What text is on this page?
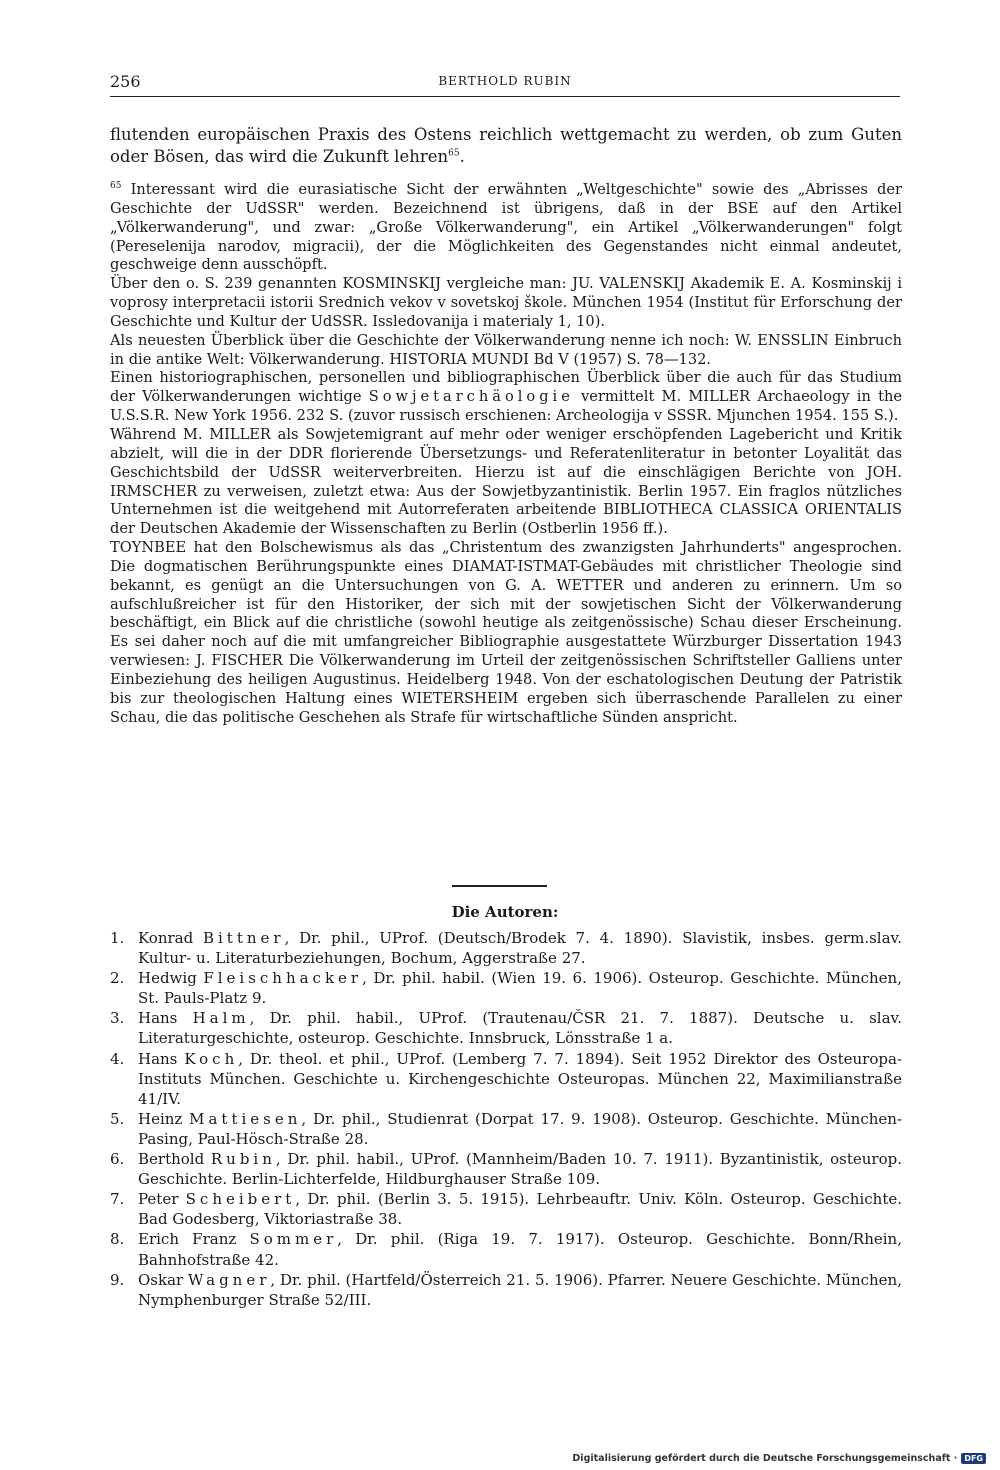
256	BERTHOLD RUBIN

flutenden europäischen Praxis des Ostens reichlich wettgemacht zu werden, ob zum Guten oder Bösen, das wird die Zukunft lehren$^{65}$.

$^{65}$ Interessant wird die eurasiatische Sicht der erwähnten „Weltgeschichte" sowie des „Abrisses der Geschichte der UdSSR" werden. Bezeichnend ist übrigens, daß in der BSE auf den Artikel „Völkerwanderung", und zwar: „Große Völkerwanderung", ein Artikel „Völkerwanderungen" folgt (Pereselenija narodov, migracii), der die Möglichkeiten des Gegenstandes nicht einmal andeutet, geschweige denn ausschöpft.

Über den o. S. 239 genannten KOSMINSKIJ vergleiche man: JU. VALENSKIJ Akademik E. A. Kosminskij i voprosy interpretacii istorii Srednich vekov v sovetskoj škole. München 1954 (Institut für Erforschung der Geschichte und Kultur der UdSSR. Issledovanija i materialy 1, 10).

Als neuesten Überblick über die Geschichte der Völkerwanderung nenne ich noch: W. ENSSLIN Einbruch in die antike Welt: Völkerwanderung. HISTORIA MUNDI Bd V (1957) S. 78—132.

Einen historiographischen, personellen und bibliographischen Überblick über die auch für das Studium der Völkerwanderungen wichtige Sowjetarchäologie vermittelt M. MILLER Archaeology in the U.S.S.R. New York 1956. 232 S. (zuvor russisch erschienen: Archeologija v SSSR. Mjunchen 1954. 155 S.).

Während M. MILLER als Sowjetemigrant auf mehr oder weniger erschöpfenden Lagebericht und Kritik abzielt, will die in der DDR florierende Übersetzungs- und Referatenliteratur in betonter Loyalität das Geschichtsbild der UdSSR weiterverbreiten. Hierzu ist auf die einschlägigen Berichte von JOH. IRMSCHER zu verweisen, zuletzt etwa: Aus der Sowjetbyzantinistik. Berlin 1957. Ein fraglos nützliches Unternehmen ist die weitgehend mit Autorreferaten arbeitende BIBLIOTHECA CLASSICA ORIENTALIS der Deutschen Akademie der Wissenschaften zu Berlin (Ostberlin 1956 ff.).

TOYNBEE hat den Bolschewismus als das „Christentum des zwanzigsten Jahrhunderts" angesprochen. Die dogmatischen Berührungspunkte eines DIAMAT-ISTMAT-Gebäudes mit christlicher Theologie sind bekannt, es genügt an die Untersuchungen von G. A. WETTER und anderen zu erinnern. Um so aufschlußreicher ist für den Historiker, der sich mit der sowjetischen Sicht der Völkerwanderung beschäftigt, ein Blick auf die christliche (sowohl heutige als zeitgenössische) Schau dieser Erscheinung. Es sei daher noch auf die mit umfangreicher Bibliographie ausgestattete Würzburger Dissertation 1943 verwiesen: J. FISCHER Die Völkerwanderung im Urteil der zeitgenössischen Schriftsteller Galliens unter Einbeziehung des heiligen Augustinus. Heidelberg 1948. Von der eschatologischen Deutung der Patristik bis zur theologischen Haltung eines WIETERSHEIM ergeben sich überraschende Parallelen zu einer Schau, die das politische Geschehen als Strafe für wirtschaftliche Sünden anspricht.

Die Autoren:

1. Konrad Bittner, Dr. phil., UProf. (Deutsch/Brodek 7. 4. 1890). Slavistik, insbes. germ.slav. Kultur- u. Literaturbeziehungen, Bochum, Aggerstraße 27.

2. Hedwig Fleischhacker, Dr. phil. habil. (Wien 19. 6. 1906). Osteurop. Geschichte. München, St. Pauls-Platz 9.

3. Hans Halm, Dr. phil. habil., UProf. (Trautenau/ČSR 21. 7. 1887). Deutsche u. slav. Literaturgeschichte, osteurop. Geschichte. Innsbruck, Lönsstraße 1 a.

4. Hans Koch, Dr. theol. et phil., UProf. (Lemberg 7. 7. 1894). Seit 1952 Direktor des Osteuropa-Instituts München. Geschichte u. Kirchengeschichte Osteuropas. München 22, Maximilianstraße 41/IV.

5. Heinz Mattiesen, Dr. phil., Studienrat (Dorpat 17. 9. 1908). Osteurop. Geschichte. München-Pasing, Paul-Hösch-Straße 28.

6. Berthold Rubin, Dr. phil. habil., UProf. (Mannheim/Baden 10. 7. 1911). Byzantinistik, osteurop. Geschichte. Berlin-Lichterfelde, Hildburghauser Straße 109.

7. Peter Scheibert, Dr. phil. (Berlin 3. 5. 1915). Lehrbeauftr. Univ. Köln. Osteurop. Geschichte. Bad Godesberg, Viktoriastraße 38.

8. Erich Franz Sommer, Dr. phil. (Riga 19. 7. 1917). Osteurop. Geschichte. Bonn/Rhein, Bahnhofstraße 42.

9. Oskar Wagner, Dr. phil. (Hartfeld/Österreich 21. 5. 1906). Pfarrer. Neuere Geschichte. München, Nymphenburger Straße 52/III.

Digitalisierung gefördert durch die Deutsche Forschungsgemeinschaft · DFG
